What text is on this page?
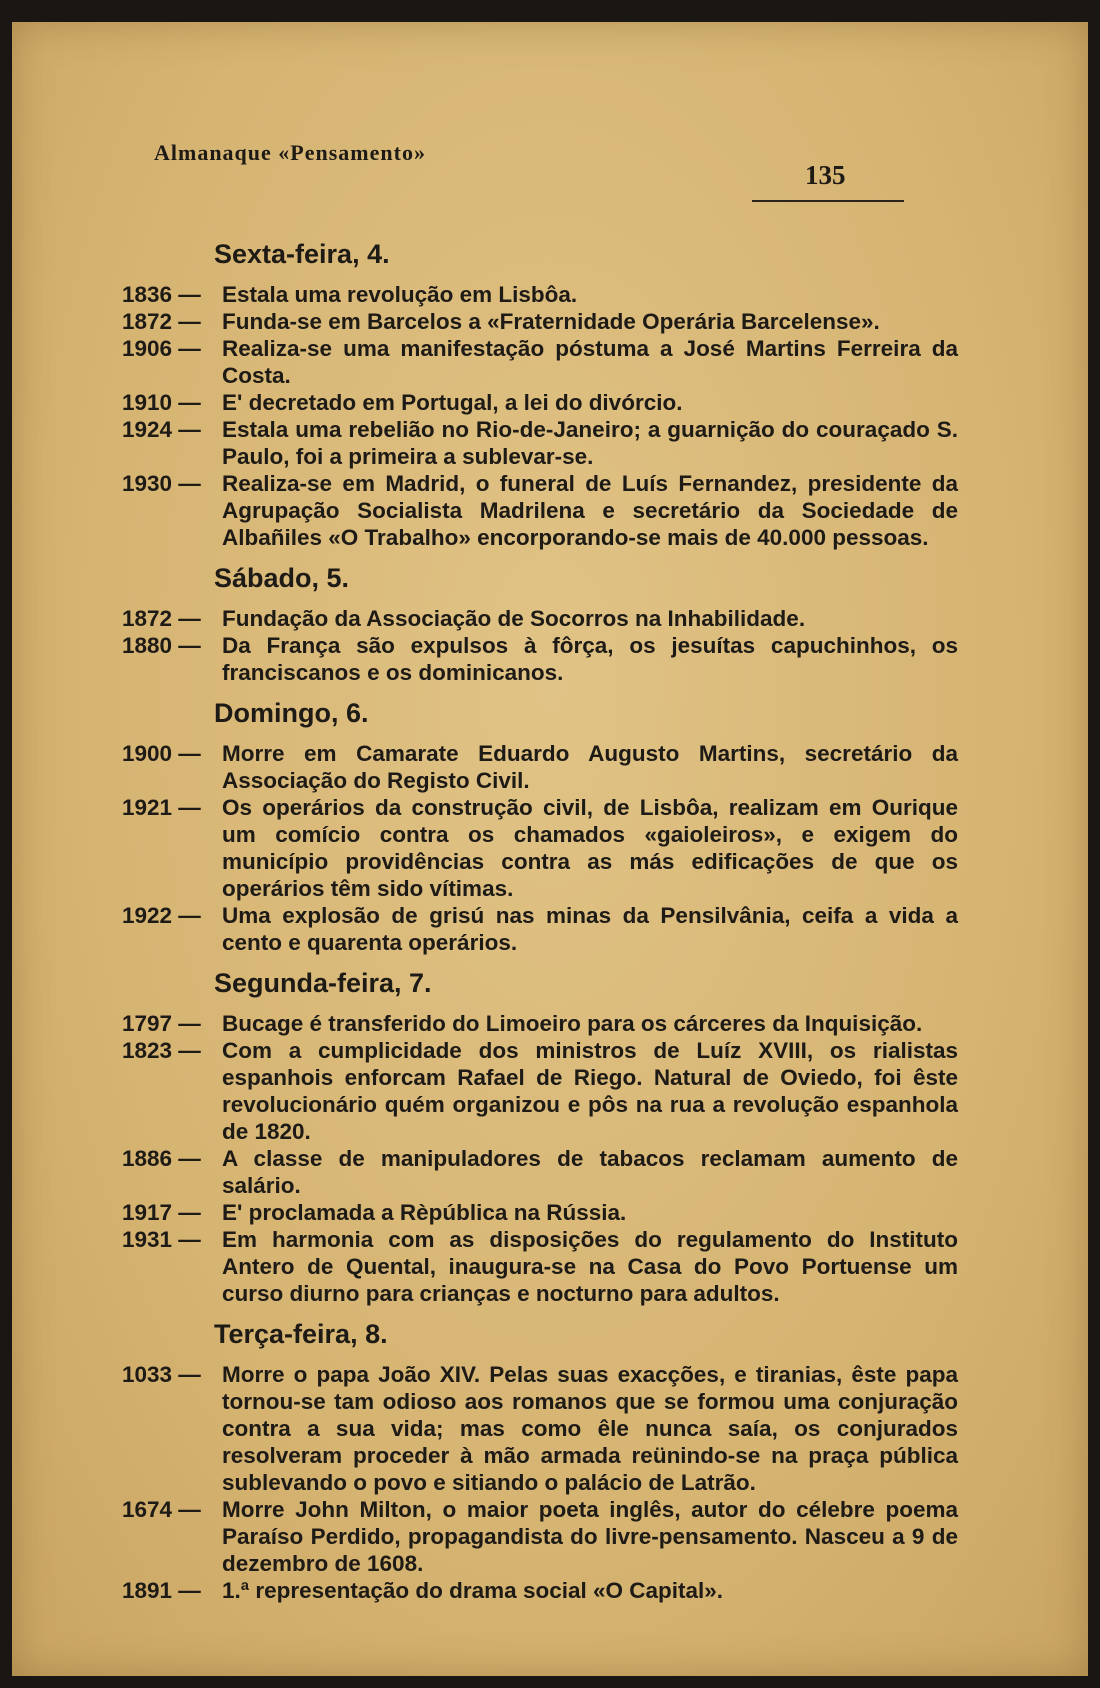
Almanaque «Pensamento»
135
Sexta-feira, 4.
1836 — Estala uma revolução em Lisbôa.
1872 — Funda-se em Barcelos a «Fraternidade Operária Barcelense».
1906 — Realiza-se uma manifestação póstuma a José Martins Ferreira da Costa.
1910 — E' decretado em Portugal, a lei do divórcio.
1924 — Estala uma rebelião no Rio-de-Janeiro; a guarnição do couraçado S. Paulo, foi a primeira a sublevar-se.
1930 — Realiza-se em Madrid, o funeral de Luís Fernandez, presidente da Agrupação Socialista Madrilena e secretário da Sociedade de Albañiles «O Trabalho» encorporando-se mais de 40.000 pessoas.
Sábado, 5.
1872 — Fundação da Associação de Socorros na Inhabilidade.
1880 — Da França são expulsos à fôrça, os jesuítas capuchinhos, os franciscanos e os dominicanos.
Domingo, 6.
1900 — Morre em Camarate Eduardo Augusto Martins, secretário da Associação do Registo Civil.
1921 — Os operários da construção civil, de Lisbôa, realizam em Ourique um comício contra os chamados «gaioleiros», e exigem do município providências contra as más edificações de que os operários têm sido vítimas.
1922 — Uma explosão de grisú nas minas da Pensilvânia, ceifa a vida a cento e quarenta operários.
Segunda-feira, 7.
1797 — Bucage é transferido do Limoeiro para os cárceres da Inquisição.
1823 — Com a cumplicidade dos ministros de Luíz XVIII, os rialistas espanhois enforcam Rafael de Riego. Natural de Oviedo, foi êste revolucionário quém organizou e pôs na rua a revolução espanhola de 1820.
1886 — A classe de manipuladores de tabacos reclamam aumento de salário.
1917 — E' proclamada a Rèpública na Rússia.
1931 — Em harmonia com as disposições do regulamento do Instituto Antero de Quental, inaugura-se na Casa do Povo Portuense um curso diurno para crianças e nocturno para adultos.
Terça-feira, 8.
1033 — Morre o papa João XIV. Pelas suas exacções, e tiranias, êste papa tornou-se tam odioso aos romanos que se formou uma conjuração contra a sua vida; mas como êle nunca saía, os conjurados resolveram proceder à mão armada reünindo-se na praça pública sublevando o povo e sitiando o palácio de Latrão.
1674 — Morre John Milton, o maior poeta inglês, autor do célebre poema Paraíso Perdido, propagandista do livre-pensamento. Nasceu a 9 de dezembro de 1608.
1891 — 1.ª representação do drama social «O Capital».
